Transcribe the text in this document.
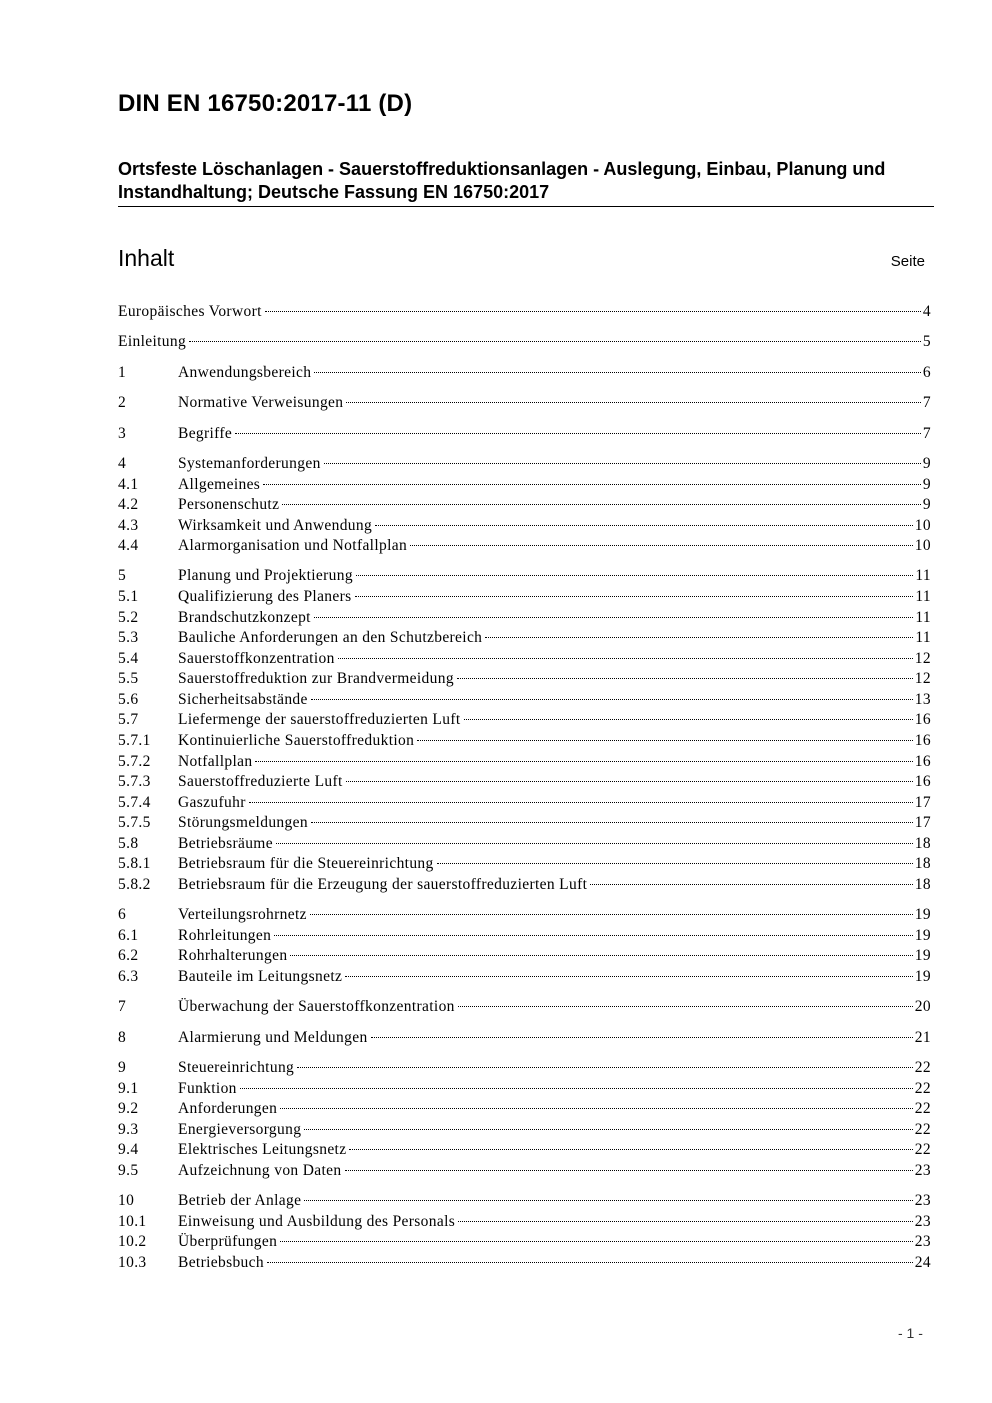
DIN EN 16750:2017-11 (D)
Ortsfeste Löschanlagen - Sauerstoffreduktionsanlagen - Auslegung, Einbau, Planung und Instandhaltung; Deutsche Fassung EN 16750:2017
Inhalt	Seite
Europäisches Vorwort	4
Einleitung	5
1	Anwendungsbereich	6
2	Normative Verweisungen	7
3	Begriffe	7
4	Systemanforderungen	9
4.1	Allgemeines	9
4.2	Personenschutz	9
4.3	Wirksamkeit und Anwendung	10
4.4	Alarmorganisation und Notfallplan	10
5	Planung und Projektierung	11
5.1	Qualifizierung des Planers	11
5.2	Brandschutzkonzept	11
5.3	Bauliche Anforderungen an den Schutzbereich	11
5.4	Sauerstoffkonzentration	12
5.5	Sauerstoffreduktion zur Brandvermeidung	12
5.6	Sicherheitsabstände	13
5.7	Liefermenge der sauerstoffreduzierten Luft	16
5.7.1	Kontinuierliche Sauerstoffreduktion	16
5.7.2	Notfallplan	16
5.7.3	Sauerstoffreduzierte Luft	16
5.7.4	Gaszufuhr	17
5.7.5	Störungsmeldungen	17
5.8	Betriebsräume	18
5.8.1	Betriebsraum für die Steuereinrichtung	18
5.8.2	Betriebsraum für die Erzeugung der sauerstoffreduzierten Luft	18
6	Verteilungsrohrnetz	19
6.1	Rohrleitungen	19
6.2	Rohrhalterungen	19
6.3	Bauteile im Leitungsnetz	19
7	Überwachung der Sauerstoffkonzentration	20
8	Alarmierung und Meldungen	21
9	Steuereinrichtung	22
9.1	Funktion	22
9.2	Anforderungen	22
9.3	Energieversorgung	22
9.4	Elektrisches Leitungsnetz	22
9.5	Aufzeichnung von Daten	23
10	Betrieb der Anlage	23
10.1	Einweisung und Ausbildung des Personals	23
10.2	Überprüfungen	23
10.3	Betriebsbuch	24
- 1 -
